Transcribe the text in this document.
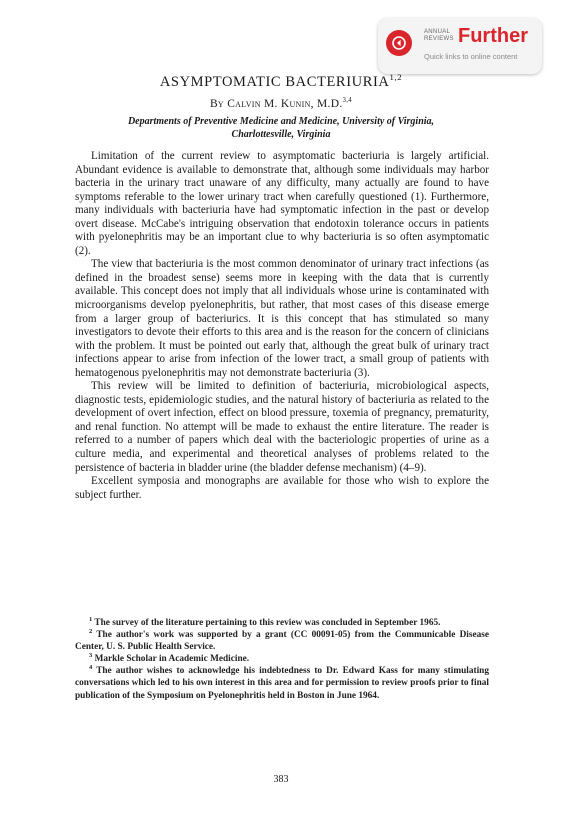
ANNUAL
REVIEWS Further
Quick links to online content
ASYMPTOMATIC BACTERIURIA$^{1,2}$
By Calvin M. Kunin, M.D.$^{3,4}$
Departments of Preventive Medicine and Medicine, University of Virginia,
Charlottesville, Virginia

Limitation of the current review to asymptomatic bacteriuria is largely artificial. Abundant evidence is available to demonstrate that, although some individuals may harbor bacteria in the urinary tract unaware of any difficulty, many actually are found to have symptoms referable to the lower urinary tract when carefully questioned (1). Furthermore, many individuals with bacteriuria have had symptomatic infection in the past or develop overt disease. McCabe's intriguing observation that endotoxin tolerance occurs in patients with pyelonephritis may be an important clue to why bacteriuria is so often asymptomatic (2).

The view that bacteriuria is the most common denominator of urinary tract infections (as defined in the broadest sense) seems more in keeping with the data that is currently available. This concept does not imply that all individuals whose urine is contaminated with microorganisms develop pyelonephritis, but rather, that most cases of this disease emerge from a larger group of bacteriurics. It is this concept that has stimulated so many investigators to devote their efforts to this area and is the reason for the concern of clinicians with the problem. It must be pointed out early that, although the great bulk of urinary tract infections appear to arise from infection of the lower tract, a small group of patients with hematogenous pyelonephritis may not demonstrate bacteriuria (3).

This review will be limited to definition of bacteriuria, microbiological aspects, diagnostic tests, epidemiologic studies, and the natural history of bacteriuria as related to the development of overt infection, effect on blood pressure, toxemia of pregnancy, prematurity, and renal function. No attempt will be made to exhaust the entire literature. The reader is referred to a number of papers which deal with the bacteriologic properties of urine as a culture media, and experimental and theoretical analyses of problems related to the persistence of bacteria in bladder urine (the bladder defense mechanism) (4–9).

Excellent symposia and monographs are available for those who wish to explore the subject further.

$^1$ The survey of the literature pertaining to this review was concluded in September 1965.

$^2$ The author's work was supported by a grant (CC 00091-05) from the Communicable Disease Center, U. S. Public Health Service.

$^3$ Markle Scholar in Academic Medicine.

$^4$ The author wishes to acknowledge his indebtedness to Dr. Edward Kass for many stimulating conversations which led to his own interest in this area and for permission to review proofs prior to final publication of the Symposium on Pyelonephritis held in Boston in June 1964.

383
